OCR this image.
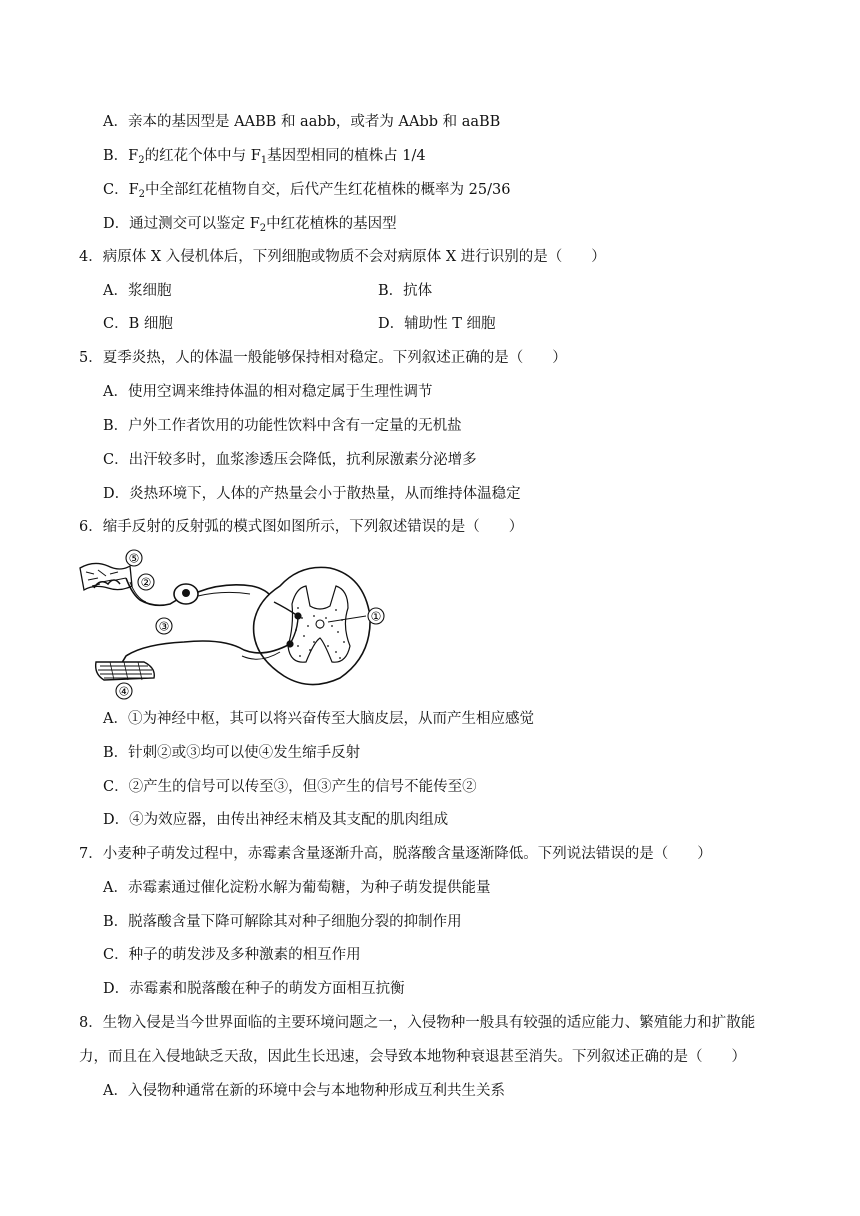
A．亲本的基因型是 AABB 和 aabb，或者为 AAbb 和 aaBB
B．$F_2$的红花个体中与 $F_1$基因型相同的植株占 1/4
C．$F_2$中全部红花植物自交，后代产生红花植株的概率为 25/36
D．通过测交可以鉴定 $F_2$中红花植株的基因型
4．病原体 X 入侵机体后，下列细胞或物质不会对病原体 X 进行识别的是（　　）
A．浆细胞	B．抗体
C．B 细胞	D．辅助性 T 细胞
5．夏季炎热，人的体温一般能够保持相对稳定。下列叙述正确的是（　　）
A．使用空调来维持体温的相对稳定属于生理性调节
B．户外工作者饮用的功能性饮料中含有一定量的无机盐
C．出汗较多时，血浆渗透压会降低，抗利尿激素分泌增多
D．炎热环境下，人体的产热量会小于散热量，从而维持体温稳定
6．缩手反射的反射弧的模式图如图所示，下列叙述错误的是（　　）
①
②
③
④
⑤
A．①为神经中枢，其可以将兴奋传至大脑皮层，从而产生相应感觉
B．针刺②或③均可以使④发生缩手反射
C．②产生的信号可以传至③，但③产生的信号不能传至②
D．④为效应器，由传出神经末梢及其支配的肌肉组成
7．小麦种子萌发过程中，赤霉素含量逐渐升高，脱落酸含量逐渐降低。下列说法错误的是（　　）
A．赤霉素通过催化淀粉水解为葡萄糖，为种子萌发提供能量
B．脱落酸含量下降可解除其对种子细胞分裂的抑制作用
C．种子的萌发涉及多种激素的相互作用
D．赤霉素和脱落酸在种子的萌发方面相互抗衡
8．生物入侵是当今世界面临的主要环境问题之一，入侵物种一般具有较强的适应能力、繁殖能力和扩散能
力，而且在入侵地缺乏天敌，因此生长迅速，会导致本地物种衰退甚至消失。下列叙述正确的是（　　）
A．入侵物种通常在新的环境中会与本地物种形成互利共生关系
